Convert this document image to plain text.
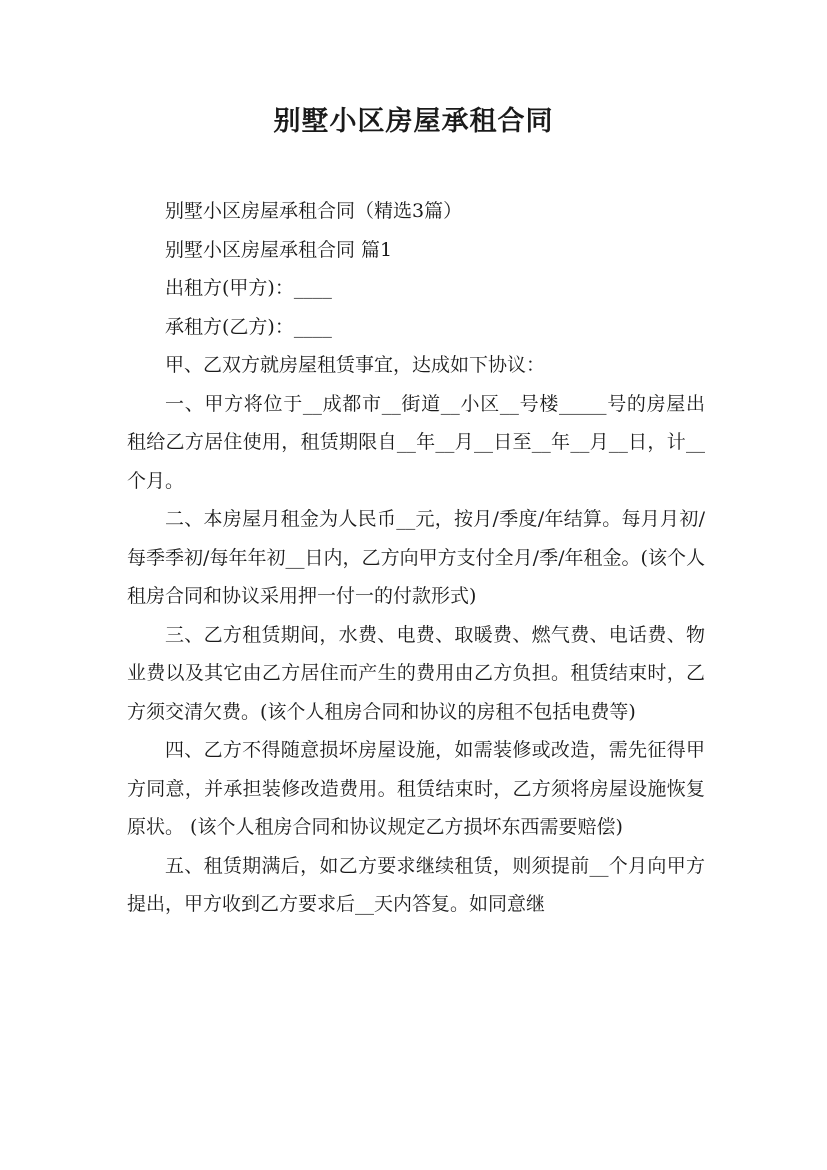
别墅小区房屋承租合同

别墅小区房屋承租合同（精选3篇）

别墅小区房屋承租合同 篇1

出租方(甲方)：____

承租方(乙方)：____

甲、乙双方就房屋租赁事宜，达成如下协议：

一、甲方将位于__成都市__街道__小区__号楼_____号的房屋出租给乙方居住使用，租赁期限自__年__月__日至__年__月__日，计__个月。

二、本房屋月租金为人民币__元，按月/季度/年结算。每月月初/每季季初/每年年初__日内，乙方向甲方支付全月/季/年租金。(该个人租房合同和协议采用押一付一的付款形式)

三、乙方租赁期间，水费、电费、取暖费、燃气费、电话费、物业费以及其它由乙方居住而产生的费用由乙方负担。租赁结束时，乙方须交清欠费。(该个人租房合同和协议的房租不包括电费等)

四、乙方不得随意损坏房屋设施，如需装修或改造，需先征得甲方同意，并承担装修改造费用。租赁结束时，乙方须将房屋设施恢复原状。 (该个人租房合同和协议规定乙方损坏东西需要赔偿)

五、租赁期满后，如乙方要求继续租赁，则须提前__个月向甲方提出，甲方收到乙方要求后__天内答复。如同意继
